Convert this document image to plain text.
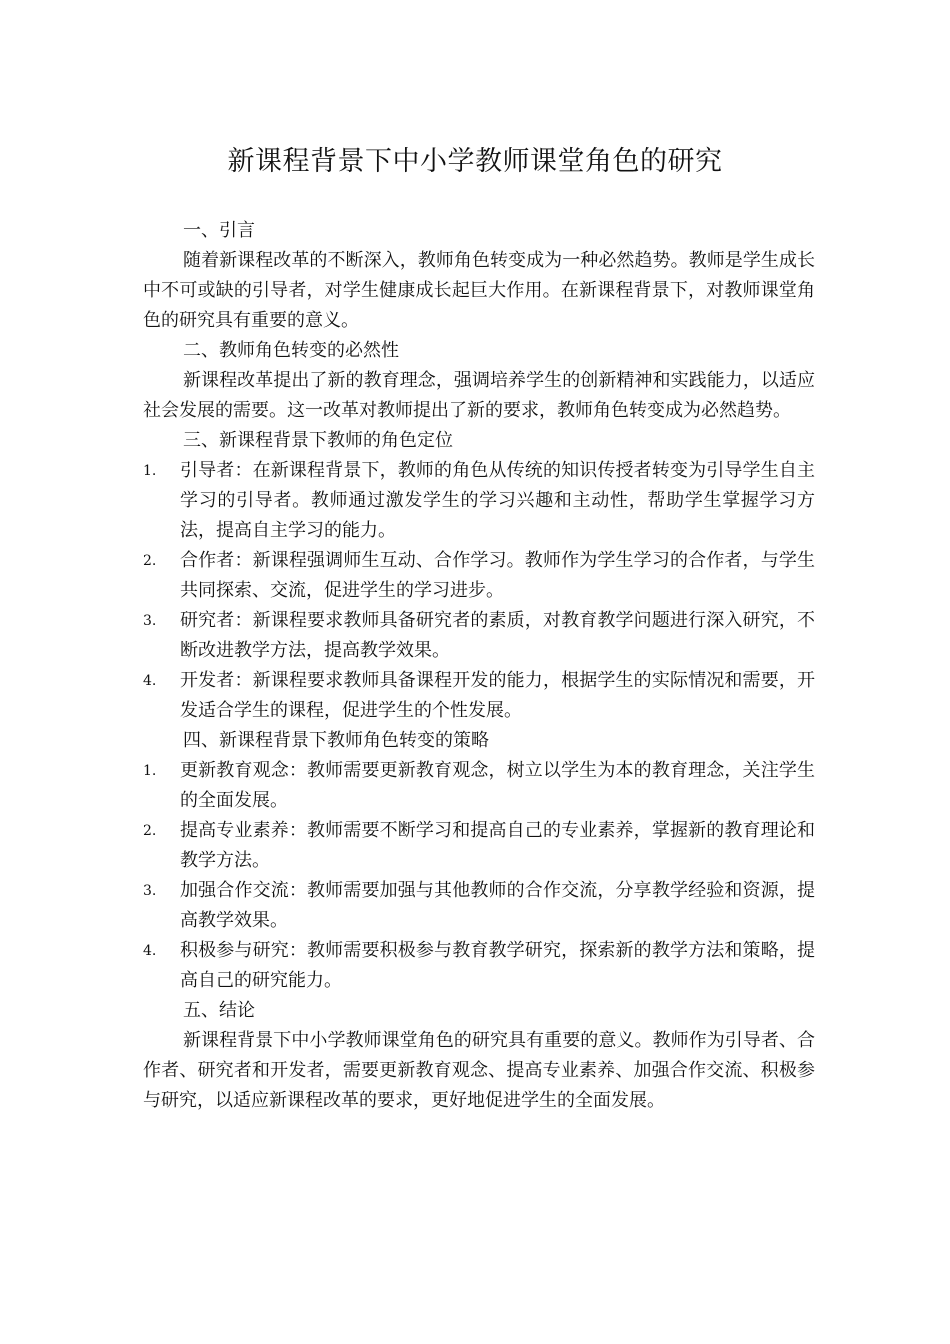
新课程背景下中小学教师课堂角色的研究
一、引言

随着新课程改革的不断深入，教师角色转变成为一种必然趋势。教师是学生成长中不可或缺的引导者，对学生健康成长起巨大作用。在新课程背景下，对教师课堂角色的研究具有重要的意义。

二、教师角色转变的必然性

新课程改革提出了新的教育理念，强调培养学生的创新精神和实践能力，以适应社会发展的需要。这一改革对教师提出了新的要求，教师角色转变成为必然趋势。

三、新课程背景下教师的角色定位
1. 引导者：在新课程背景下，教师的角色从传统的知识传授者转变为引导学生自主学习的引导者。教师通过激发学生的学习兴趣和主动性，帮助学生掌握学习方法，提高自主学习的能力。
2. 合作者：新课程强调师生互动、合作学习。教师作为学生学习的合作者，与学生共同探索、交流，促进学生的学习进步。
3. 研究者：新课程要求教师具备研究者的素质，对教育教学问题进行深入研究，不断改进教学方法，提高教学效果。
4. 开发者：新课程要求教师具备课程开发的能力，根据学生的实际情况和需要，开发适合学生的课程，促进学生的个性发展。
四、新课程背景下教师角色转变的策略
1. 更新教育观念：教师需要更新教育观念，树立以学生为本的教育理念，关注学生的全面发展。
2. 提高专业素养：教师需要不断学习和提高自己的专业素养，掌握新的教育理论和教学方法。
3. 加强合作交流：教师需要加强与其他教师的合作交流，分享教学经验和资源，提高教学效果。
4. 积极参与研究：教师需要积极参与教育教学研究，探索新的教学方法和策略，提高自己的研究能力。
五、结论

新课程背景下中小学教师课堂角色的研究具有重要的意义。教师作为引导者、合作者、研究者和开发者，需要更新教育观念、提高专业素养、加强合作交流、积极参与研究，以适应新课程改革的要求，更好地促进学生的全面发展。
